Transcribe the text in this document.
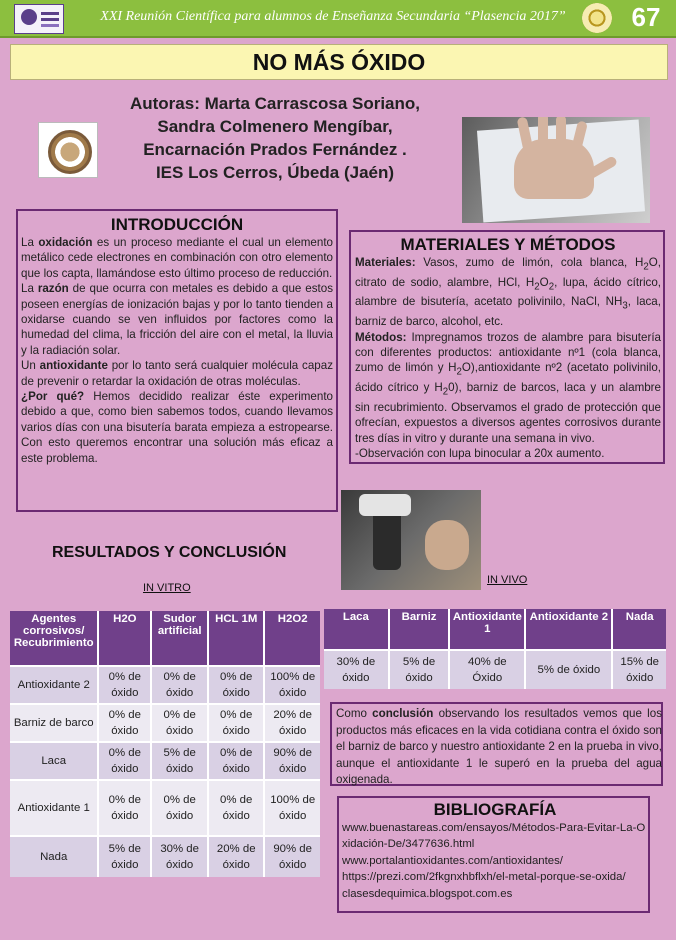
XXI Reunión Científica para alumnos de Enseñanza Secundaria “Plasencia 2017”	67
NO MÁS ÓXIDO
Autoras: Marta Carrascosa Soriano,
Sandra Colmenero Mengíbar,
Encarnación Prados Fernández .
IES Los Cerros, Úbeda (Jaén)
INTRODUCCIÓN

La oxidación es un proceso mediante el cual un elemento metálico cede electrones en combinación con otro elemento que los capta, llamándose esto último proceso de reducción.

La razón de que ocurra con metales es debido a que estos poseen energías de ionización bajas y por lo tanto tienden a oxidarse cuando se ven influidos por factores como la humedad del clima, la fricción del aire con el metal, la lluvia y la radiación solar.

Un antioxidante por lo tanto será cualquier molécula capaz de prevenir o retardar la oxidación de otras moléculas.

¿Por qué? Hemos decidido realizar éste experimento debido a que, como bien sabemos todos, cuando llevamos varios días con una bisutería barata empieza a estropearse. Con esto queremos encontrar una solución más eficaz a este problema.

MATERIALES Y MÉTODOS

Materiales: Vasos, zumo de limón, cola blanca, $H_2O$, citrato de sodio, alambre, HCl, $H_2O_2$, lupa, ácido cítrico, alambre de bisutería, acetato polivinilo, NaCl, $NH_3$, laca, barniz de barco, alcohol, etc.

Métodos: Impregnamos trozos de alambre para bisutería con diferentes productos: antioxidante nº1 (cola blanca, zumo de limón y $H_2O),antioxidante$ nº2 (acetato polivinilo, ácido cítrico y $H_20$), barniz de barcos, laca y un alambre sin recubrimiento. Observamos el grado de protección que ofrecían, expuestos a diversos agentes corrosivos durante tres días in vitro y durante una semana in vivo.

-Observación con lupa binocular a 20x aumento.

RESULTADOS Y CONCLUSIÓN
IN VITRO
IN VIVO
Agentes corrosivos/ Recubrimiento	H2O	Sudor artificial	HCL 1M	H2O2
Antioxidante 2	0% de óxido	0% de óxido	0% de óxido	100% de óxido
Barniz de barco	0% de óxido	0% de óxido	0% de óxido	20% de óxido
Laca	0% de óxido	5% de óxido	0% de óxido	90% de óxido
Antioxidante 1	0% de óxido	0% de óxido	0% de óxido	100% de óxido
Nada	5% de óxido	30% de óxido	20% de óxido	90% de óxido
Laca	Barniz	Antioxidante 1	Antioxidante 2	Nada
30% de óxido	5% de óxido	40% de Óxido	5% de óxido	15% de óxido

Como conclusión observando los resultados vemos que los productos más eficaces en la vida cotidiana contra el óxido son el barniz de barco y nuestro antioxidante 2 en la prueba in vivo, aunque el antioxidante 1 le superó en la prueba del agua oxigenada.

BIBLIOGRAFÍA

www.buenastareas.com/ensayos/Métodos-Para-Evitar-La-Oxidación-De/3477636.html

www.portalantioxidantes.com/antioxidantes/

https://prezi.com/2fkgnxhbflxh/el-metal-porque-se-oxida/

clasesdequimica.blogspot.com.es
